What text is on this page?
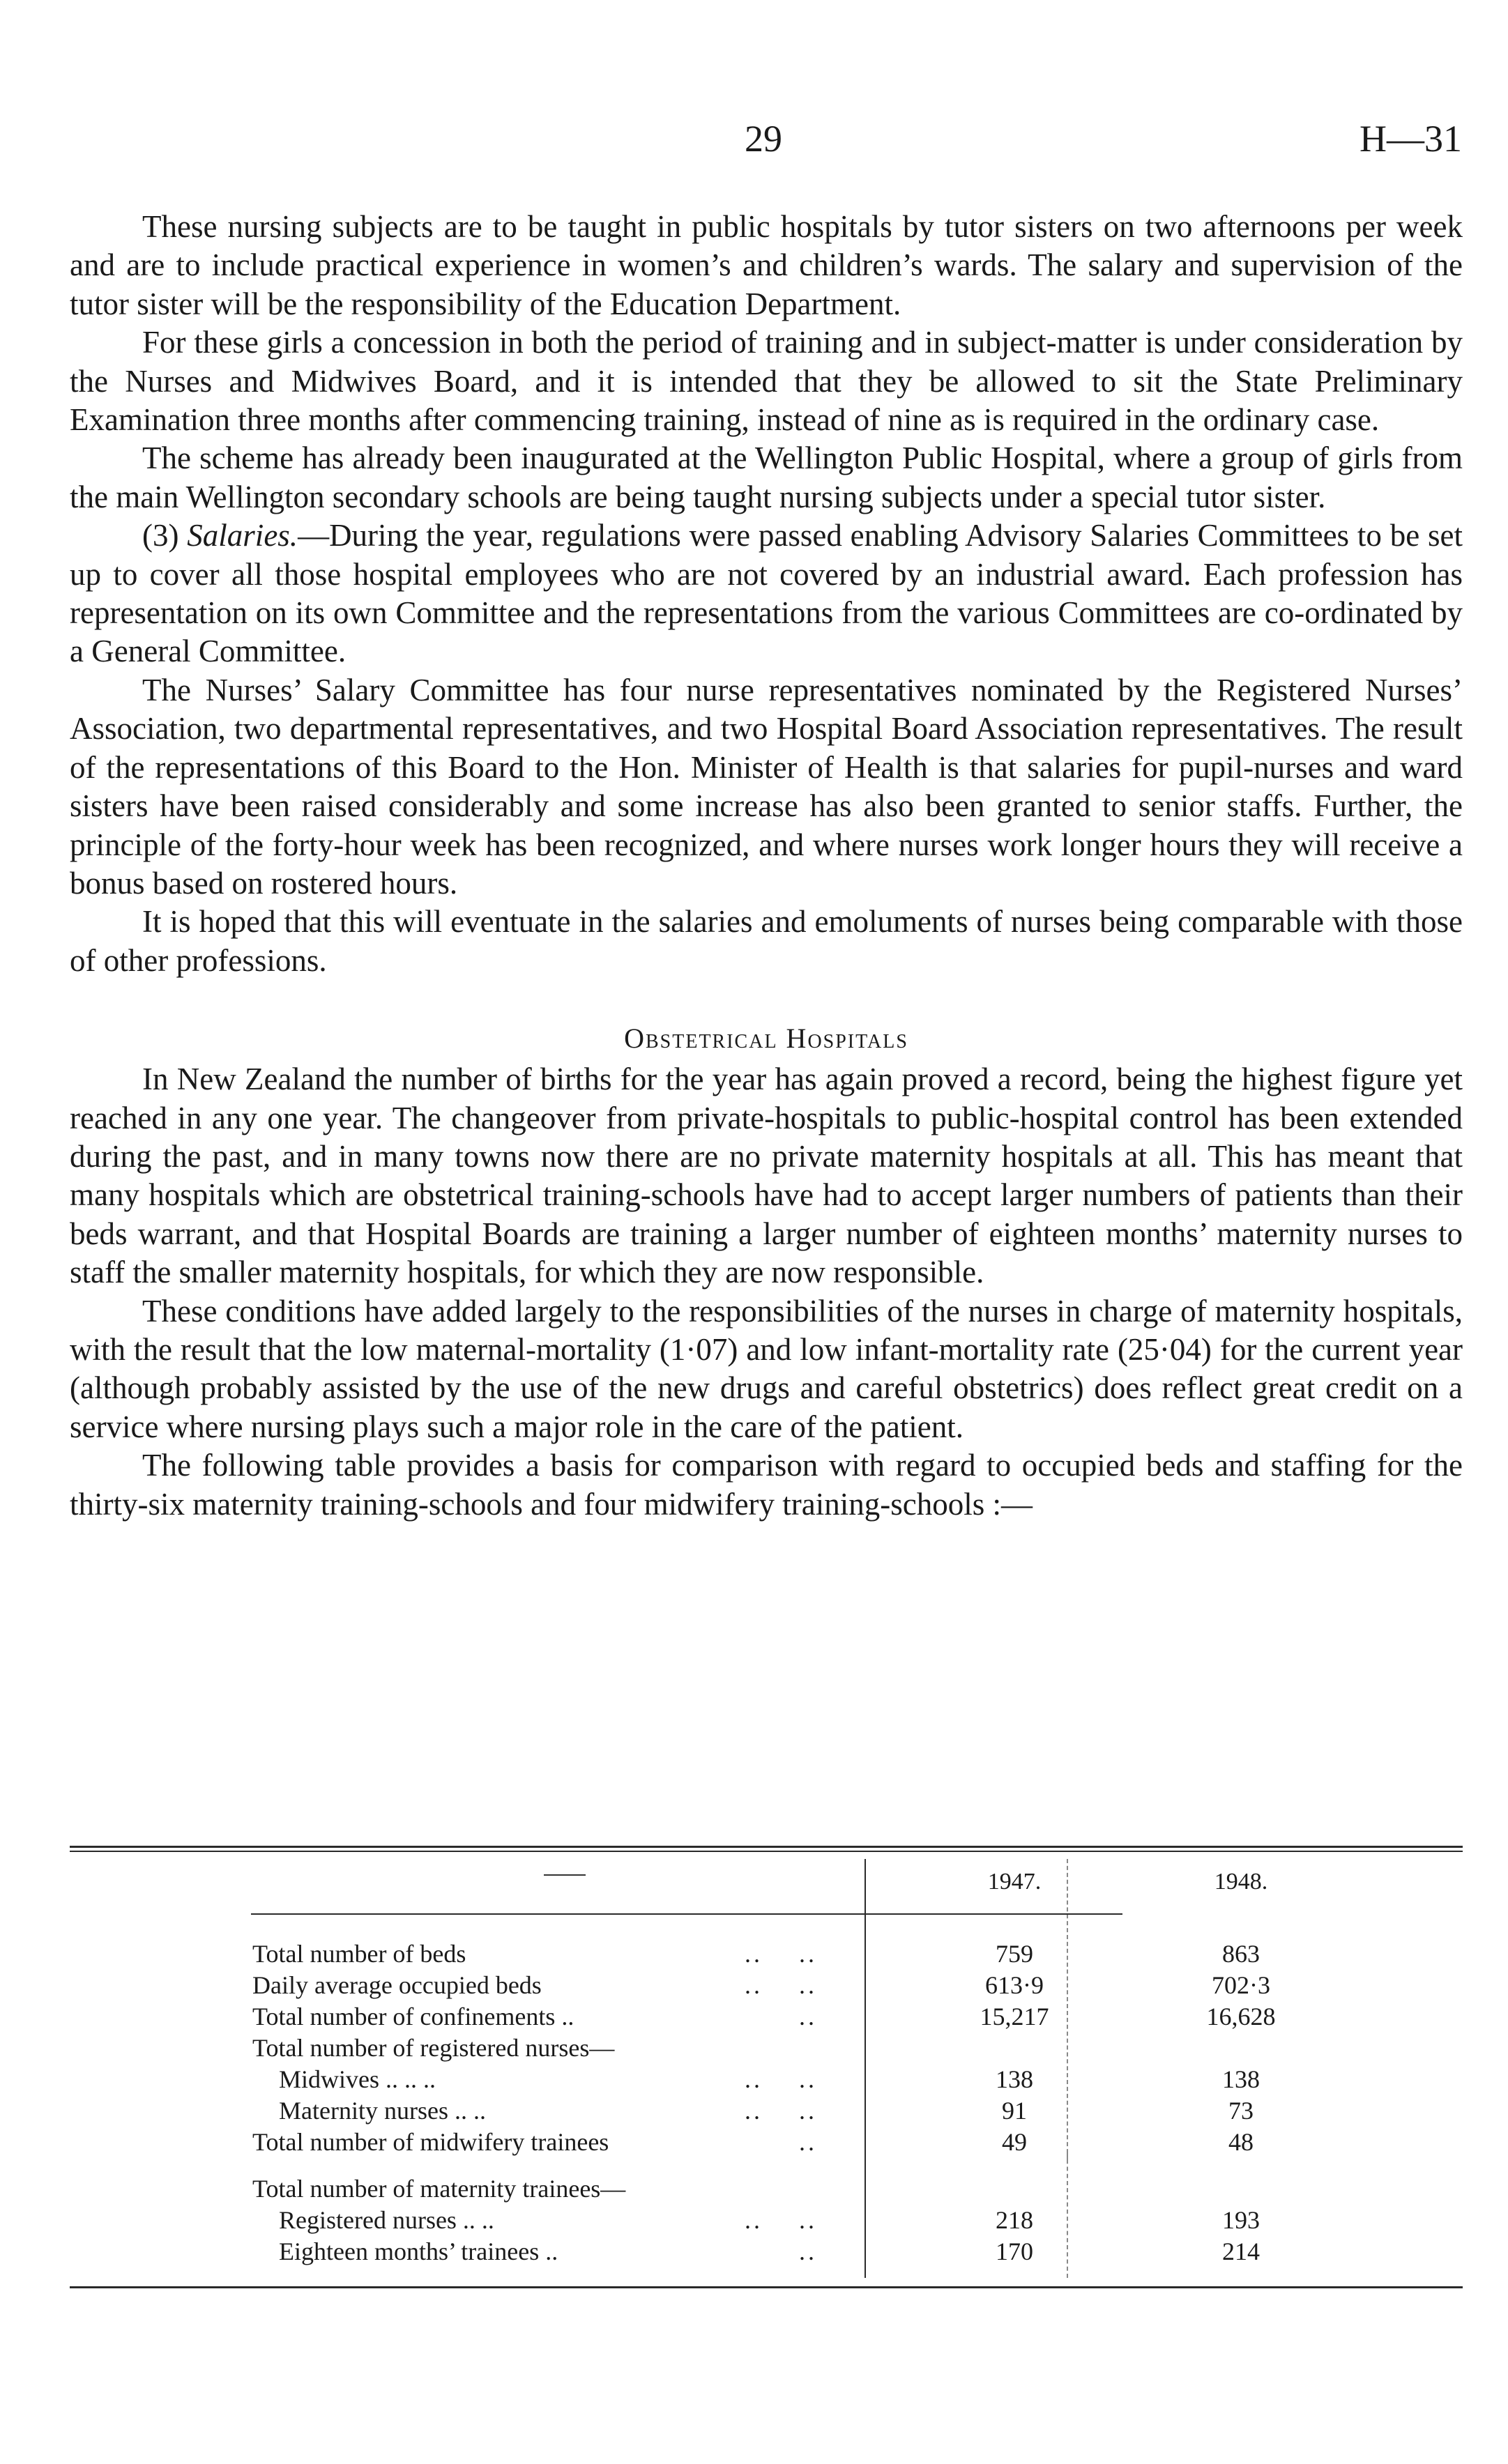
29	H—31

These nursing subjects are to be taught in public hospitals by tutor sisters on two afternoons per week and are to include practical experience in women’s and children’s wards. The salary and supervision of the tutor sister will be the responsibility of the Education Department.

For these girls a concession in both the period of training and in subject-matter is under consideration by the Nurses and Midwives Board, and it is intended that they be allowed to sit the State Preliminary Examination three months after commencing training, instead of nine as is required in the ordinary case.

The scheme has already been inaugurated at the Wellington Public Hospital, where a group of girls from the main Wellington secondary schools are being taught nursing subjects under a special tutor sister.

(3) Salaries.—During the year, regulations were passed enabling Advisory Salaries Committees to be set up to cover all those hospital employees who are not covered by an industrial award. Each profession has representation on its own Committee and the representations from the various Committees are co-ordinated by a General Committee.

The Nurses’ Salary Committee has four nurse representatives nominated by the Registered Nurses’ Association, two departmental representatives, and two Hospital Board Association representatives. The result of the representations of this Board to the Hon. Minister of Health is that salaries for pupil-nurses and ward sisters have been raised considerably and some increase has also been granted to senior staffs. Further, the principle of the forty-hour week has been recognized, and where nurses work longer hours they will receive a bonus based on rostered hours.

It is hoped that this will eventuate in the salaries and emoluments of nurses being comparable with those of other professions.

Obstetrical Hospitals

In New Zealand the number of births for the year has again proved a record, being the highest figure yet reached in any one year. The changeover from private-hospitals to public-hospital control has been extended during the past, and in many towns now there are no private maternity hospitals at all. This has meant that many hospitals which are obstetrical training-schools have had to accept larger numbers of patients than their beds warrant, and that Hospital Boards are training a larger number of eighteen months’ maternity nurses to staff the smaller maternity hospitals, for which they are now responsible.

These conditions have added largely to the responsibilities of the nurses in charge of maternity hospitals, with the result that the low maternal-mortality (1·07) and low infant-mortality rate (25·04) for the current year (although probably assisted by the use of the new drugs and careful obstetrics) does reflect great credit on a service where nursing plays such a major role in the care of the patient.

The following table provides a basis for comparison with regard to occupied beds and staffing for the thirty-six maternity training-schools and four midwifery training-schools :—

1947.	1948.
Total number of beds	..    ..	759	863
Daily average occupied beds	..    ..	613·9	702·3
Total number of confinements ..	..	15,217	16,628
Total number of registered nurses—
Midwives .. .. ..	..    ..	138	138
Maternity nurses .. ..	..    ..	91	73
Total number of midwifery trainees	..	49	48
Total number of maternity trainees—
Registered nurses .. ..	..    ..	218	193
Eighteen months’ trainees ..	..	170	214
